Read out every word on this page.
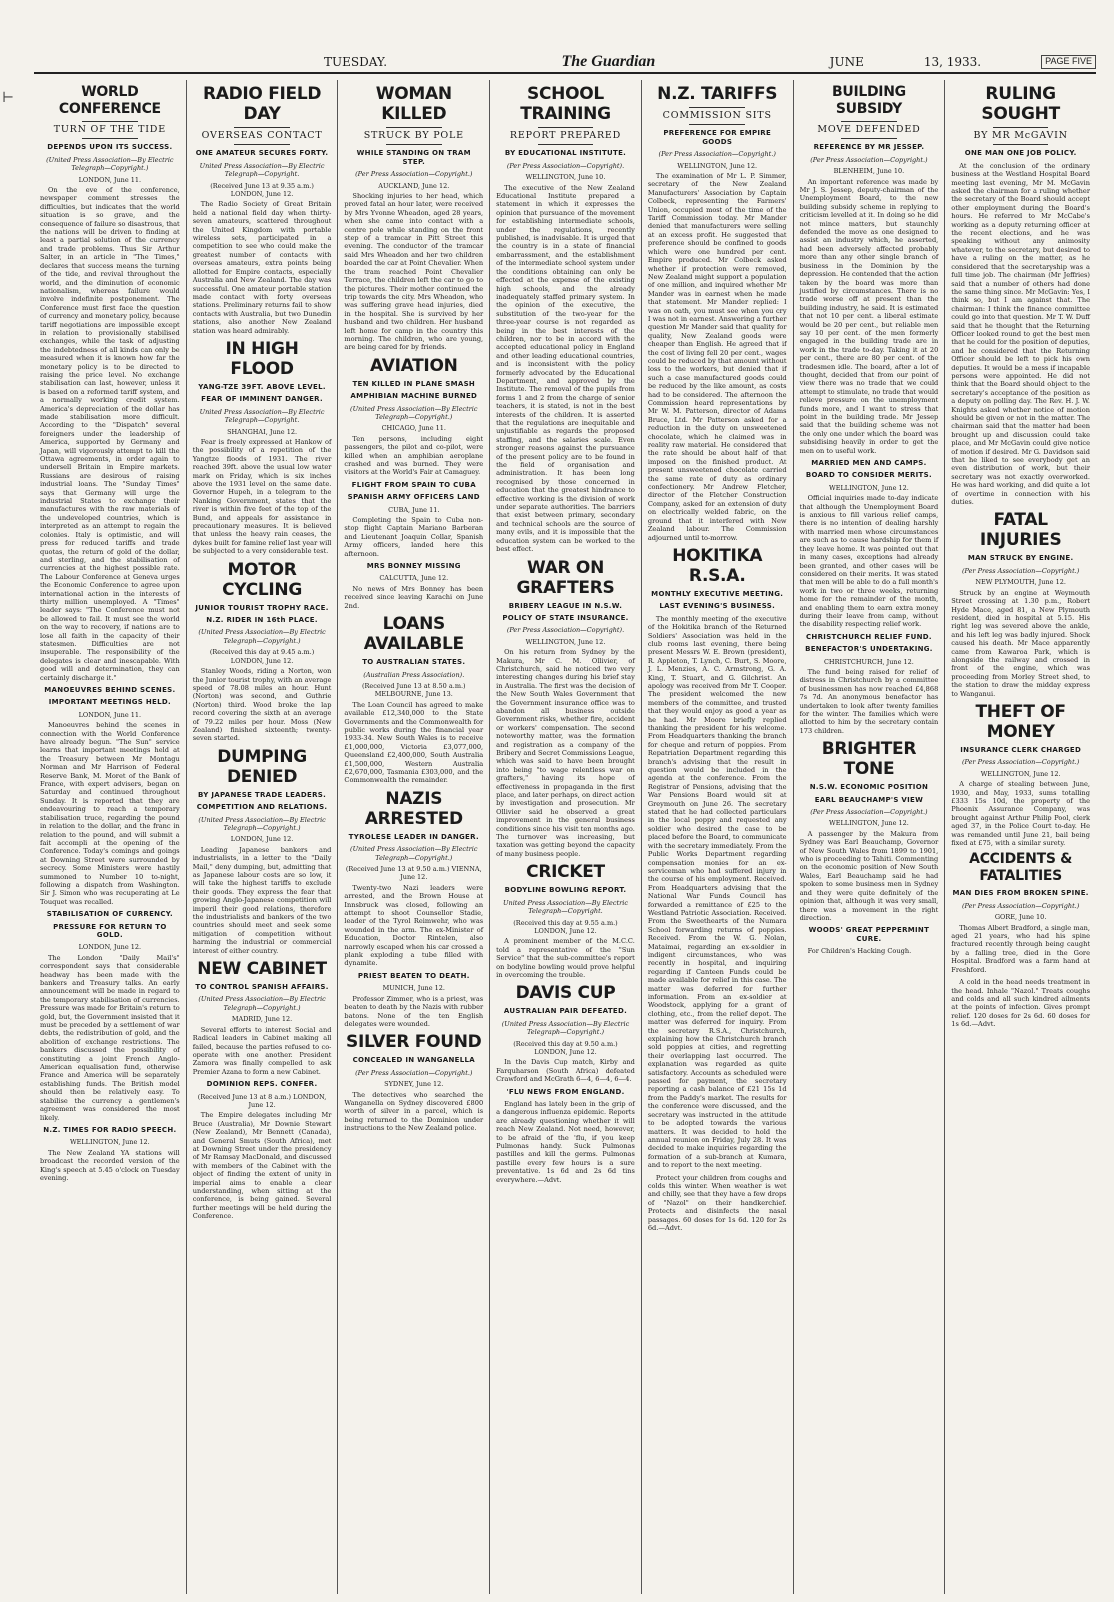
⊢
TUESDAY.	The Guardian	JUNE	13, 1933.	PAGE FIVE
WORLD CONFERENCE
TURN OF THE TIDE
DEPENDS UPON ITS SUCCESS.
(United Press Association—By Electric Telegraph—Copyright.)
LONDON, June 11.
On the eve of the conference, newspaper comment stresses the difficulties, but indicates that the world situation is so grave, and the consequence of failure so disastrous, that the nations will be driven to finding at least a partial solution of the currency and trade problems. Thus Sir Arthur Salter, in an article in "The Times," declares that success means the turning of the tide, and revival throughout the world, and the diminution of economic nationalism, whereas failure would involve indefinite postponement. The Conference must first face the question of currency and monetary policy, because tariff negotiations are impossible except in relation to provisionally stabilised exchanges, while the task of adjusting the indebtedness of all kinds can only be measured when it is known how far the monetary policy is to be directed to raising the price level. No exchange stabilisation can last, however, unless it is based on a reformed tariff system, and a normally working credit system. America's depreciation of the dollar has made stabilisation more difficult. According to the "Dispatch" several foreigners under the leadership of America, supported by Germany and Japan, will vigorously attempt to kill the Ottawa agreements, in order again to undersell Britain in Empire markets. Russians are desirous of raising industrial loans. The "Sunday Times" says that Germany will urge the industrial States to exchange their manufactures with the raw materials of the undeveloped countries, which is interpreted as an attempt to regain the colonies. Italy is optimistic, and will press for reduced tariffs and trade quotas, the return of gold of the dollar, and sterling, and the stabilisation of currencies at the highest possible rate. The Labour Conference at Geneva urges the Economic Conference to agree upon international action in the interests of thirty million unemployed. A "Times" leader says: "The Conference must not be allowed to fail. It must see the world on the way to recovery, if nations are to lose all faith in the capacity of their statesmen. Difficulties are not insuperable. The responsibility of the delegates is clear and inescapable. With good will and determination, they can certainly discharge it."
MANOEUVRES BEHIND SCENES.
IMPORTANT MEETINGS HELD.
LONDON, June 11.
Manoeuvres behind the scenes in connection with the World Conference have already begun. "The Sun" service learns that important meetings held at the Treasury between Mr Montagu Norman and Mr Harrison of Federal Reserve Bank, M. Moret of the Bank of France, with expert advisers, began on Saturday and continued throughout Sunday. It is reported that they are endeavouring to reach a temporary stabilisation truce, regarding the pound in relation to the dollar, and the franc in relation to the pound, and will submit a fait accompli at the opening of the Conference. Today's comings and goings at Downing Street were surrounded by secrecy. Some Ministers were hastily summoned to Number 10 to-night, following a dispatch from Washington. Sir J. Simon who was recuperating at Le Touquet was recalled.
STABILISATION OF CURRENCY.
PRESSURE FOR RETURN TO GOLD.
LONDON, June 12.
The London "Daily Mail's" correspondent says that considerable headway has been made with the bankers and Treasury talks. An early announcement will be made in regard to the temporary stabilisation of currencies. Pressure was made for Britain's return to gold, but, the Government insisted that it must be preceded by a settlement of war debts, the redistribution of gold, and the abolition of exchange restrictions. The bankers discussed the possibility of constituting a joint French Anglo-American equalisation fund, otherwise France and America will be separately establishing funds. The British model should then be relatively easy. To stabilise the currency a gentlemen's agreement was considered the most likely.
N.Z. TIMES FOR RADIO SPEECH.
WELLINGTON, June 12.
The New Zealand YA stations will broadcast the recorded version of the King's speech at 5.45 o'clock on Tuesday evening.
RADIO FIELD DAY
OVERSEAS CONTACT
ONE AMATEUR SECURES FORTY.
United Press Association—By Electric Telegraph—Copyright.
(Received June 13 at 9.35 a.m.) LONDON, June 12.
The Radio Society of Great Britain held a national field day when thirty-seven amateurs, scattered throughout the United Kingdom with portable wireless sets, participated in a competition to see who could make the greatest number of contacts with overseas amateurs, extra points being allotted for Empire contacts, especially Australia and New Zealand. The day was successful. One amateur portable station made contact with forty overseas stations. Preliminary returns fail to show contacts with Australia, but two Dunedin stations, also another New Zealand station was heard admirably.
IN HIGH FLOOD
YANG-TZE 39FT. ABOVE LEVEL.
FEAR OF IMMINENT DANGER.
United Press Association—By Electric Telegraph—Copyright.
SHANGHAI, June 12.
Fear is freely expressed at Hankow of the possibility of a repetition of the Yangtze floods of 1931. The river reached 39ft. above the usual low water mark on Friday, which is six inches above the 1931 level on the same date. Governor Hupeh, in a telegram to the Nanking Government, states that the river is within five feet of the top of the Bund, and appeals for assistance in precautionary measures. It is believed that unless the heavy rain ceases, the dykes built for famine relief last year will be subjected to a very considerable test.
MOTOR CYCLING
JUNIOR TOURIST TROPHY RACE.
N.Z. RIDER IN 16th PLACE.
(United Press Association—By Electric Telegraph—Copyright.)
(Received this day at 9.45 a.m.) LONDON, June 12.
Stanley Woods, riding a Norton, won the Junior tourist trophy, with an average speed of 78.08 miles an hour. Hunt (Norton) was second, and Guthrie (Norton) third. Wood broke the lap record covering the sixth at an average of 79.22 miles per hour. Moss (New Zealand) finished sixteenth; twenty-seven started.
DUMPING DENIED
BY JAPANESE TRADE LEADERS.
COMPETITION AND RELATIONS.
(United Press Association—By Electric Telegraph—Copyright.)
LONDON, June 12.
Leading Japanese bankers and industrialists, in a letter to the "Daily Mail," deny dumping, but, admitting that as Japanese labour costs are so low, it will take the highest tariffs to exclude their goods. They express the fear that growing Anglo-Japanese competition will imperil their good relations, therefore the industrialists and bankers of the two countries should meet and seek some mitigation of competition without harming the industrial or commercial interest of either country.
NEW CABINET
TO CONTROL SPANISH AFFAIRS.
(United Press Association—By Electric Telegraph—Copyright.)
MADRID, June 12.
Several efforts to interest Social and Radical leaders in Cabinet making all failed, because the parties refused to co-operate with one another. President Zamora was finally compelled to ask Premier Azana to form a new Cabinet.
DOMINION REPS. CONFER.
(Received June 13 at 8 a.m.) LONDON, June 12.
The Empire delegates including Mr Bruce (Australia), Mr Downie Stewart (New Zealand), Mr Bennett (Canada), and General Smuts (South Africa), met at Downing Street under the presidency of Mr Ramsay MacDonald, and discussed with members of the Cabinet with the object of finding the extent of unity in imperial aims to enable a clear understanding, when sitting at the conference, is being gained. Several further meetings will be held during the Conference.
WOMAN KILLED
STRUCK BY POLE
WHILE STANDING ON TRAM STEP.
(Per Press Association—Copyright.)
AUCKLAND, June 12.
Shocking injuries to her head, which proved fatal an hour later, were received by Mrs Yvonne Wheadon, aged 28 years, when she came into contact with a centre pole while standing on the front step of a tramcar in Pitt Street this evening. The conductor of the tramcar said Mrs Wheadon and her two children boarded the car at Point Chevalier. When the tram reached Point Chevalier Terrace, the children left the car to go to the pictures. Their mother continued the trip towards the city. Mrs Wheadon, who was suffering grave head injuries, died in the hospital. She is survived by her husband and two children. Her husband left home for camp in the country this morning. The children, who are young, are being cared for by friends.
AVIATION
TEN KILLED IN PLANE SMASH
AMPHIBIAN MACHINE BURNED
(United Press Association—By Electric Telegraph—Copyright.)
CHICAGO, June 11.
Ten persons, including eight passengers, the pilot and co-pilot, were killed when an amphibian aeroplane crashed and was burned. They were visitors at the World's Fair at Camaguey.
FLIGHT FROM SPAIN TO CUBA
SPANISH ARMY OFFICERS LAND
CUBA, June 11.
Completing the Spain to Cuba non-stop flight Captain Mariano Barberan and Lieutenant Joaquin Collar, Spanish Army officers, landed here this afternoon.
MRS BONNEY MISSING
CALCUTTA, June 12.
No news of Mrs Bonney has been received since leaving Karachi on June 2nd.
LOANS AVAILABLE
TO AUSTRALIAN STATES.
(Australian Press Association).
(Received June 13 at 8.50 a.m.) MELBOURNE, June 13.
The Loan Council has agreed to make available £12,340,000 to the State Governments and the Commonwealth for public works during the financial year 1933-34. New South Wales is to receive £1,000,000, Victoria £3,077,000, Queensland £2,400,000, South Australia £1,500,000, Western Australia £2,670,000, Tasmania £303,000, and the Commonwealth the remainder.
NAZIS ARRESTED
TYROLESE LEADER IN DANGER.
(United Press Association—By Electric Telegraph—Copyright.)
(Received June 13 at 9.50 a.m.) VIENNA, June 12.
Twenty-two Nazi leaders were arrested, and the Brown House at Innsbruck was closed, following an attempt to shoot Counsellor Stadie, leader of the Tyrol Reimwehr, who was wounded in the arm. The ex-Minister of Education, Doctor Rintelen, also narrowly escaped when his car crossed a plank exploding a tube filled with dynamite.
PRIEST BEATEN TO DEATH.
MUNICH, June 12.
Professor Zimmer, who is a priest, was beaten to death by the Nazis with rubber batons. None of the ten English delegates were wounded.
SILVER FOUND
CONCEALED IN WANGANELLA
(Per Press Association—Copyright.)
SYDNEY, June 12.
The detectives who searched the Wanganella on Sydney discovered £800 worth of silver in a parcel, which is being returned to the Dominion under instructions to the New Zealand police.
SCHOOL TRAINING
REPORT PREPARED
BY EDUCATIONAL INSTITUTE.
(Per Press Association—Copyright).
WELLINGTON, June 10.
The executive of the New Zealand Educational Institute prepared a statement in which it expresses the opinion that pursuance of the movement for establishing intermediate schools, under the regulations, recently published, is inadvisable. It is urged that the country is in a state of financial embarrassment, and the establishment of the intermediate school system under the conditions obtaining can only be effected at the expense of the existing high schools, and the already inadequately staffed primary system. In the opinion of the executive, the substitution of the two-year for the three-year course is not regarded as being in the best interests of the children, nor to be in accord with the accepted educational policy in England and other leading educational countries, and is inconsistent with the policy formerly advocated by the Educational Department, and approved by the Institute. The removal of the pupils from forms 1 and 2 from the charge of senior teachers, it is stated, is not in the best interests of the children. It is asserted that the regulations are inequitable and unjustifiable as regards the proposed staffing, and the salaries scale. Even stronger reasons against the pursuance of the present policy are to be found in the field of organisation and administration. It has been long recognised by those concerned in education that the greatest hindrance to effective working is the division of work under separate authorities. The barriers that exist between primary, secondary and technical schools are the source of many evils, and it is impossible that the education system can be worked to the best effect.
WAR ON GRAFTERS
BRIBERY LEAGUE IN N.S.W.
POLICY OF STATE INSURANCE.
(Per Press Association—Copyright).
WELLINGTON, June 12.
On his return from Sydney by the Makura, Mr C. M. Ollivier, of Christchurch, said he noticed two very interesting changes during his brief stay in Australia. The first was the decision of the New South Wales Government that the Government insurance office was to abandon all business outside Government risks, whether fire, accident or workers' compensation. The second noteworthy matter, was the formation and registration as a company of the Bribery and Secret Commissions League, which was said to have been brought into being "to wage relentless war on grafters," having its hope of effectiveness in propaganda in the first place, and later perhaps, on direct action by investigation and prosecution. Mr Ollivier said he observed a great improvement in the general business conditions since his visit ten months ago. The turnover was increasing, but taxation was getting beyond the capacity of many business people.
CRICKET
BODYLINE BOWLING REPORT.
United Press Association—By Electric Telegraph—Copyright.
(Received this day at 9.55 a.m.) LONDON, June 12.
A prominent member of the M.C.C. told a representative of the "Sun Service" that the sub-committee's report on bodyline bowling would prove helpful in overcoming the trouble.
DAVIS CUP
AUSTRALIAN PAIR DEFEATED.
(United Press Association—By Electric Telegraph—Copyright.)
(Received this day at 9.50 a.m.) LONDON, June 12.
In the Davis Cup match, Kirby and Farquharson (South Africa) defeated Crawford and McGrath 6—4, 6—4, 6—4.
'FLU NEWS FROM ENGLAND.
England has lately been in the grip of a dangerous influenza epidemic. Reports are already questioning whether it will reach New Zealand. Not need, however, to be afraid of the 'flu, if you keep Pulmonas handy. Suck Pulmonas pastilles and kill the germs. Pulmonas pastille every few hours is a sure preventative. 1s 6d and 2s 6d tins everywhere.—Advt.
N.Z. TARIFFS
COMMISSION SITS
PREFERENCE FOR EMPIRE GOODS
(Per Press Association—Copyright.)
WELLINGTON, June 12.
The examination of Mr L. P. Simmer, secretary of the New Zealand Manufacturers' Association by Captain Colbeck, representing the Farmers' Union, occupied most of the time of the Tariff Commission today. Mr Mander denied that manufacturers were selling at an excess profit. He suggested that preference should be confined to goods which were one hundred per cent. Empire produced. Mr Colbeck asked whether if protection were removed, New Zealand might support a population of one million, and inquired whether Mr Mander was in earnest when he made that statement. Mr Mander replied: I was on oath, you must see when you cry I was not in earnest. Answering a further question Mr Mander said that quality for quality, New Zealand goods were cheaper than English. He agreed that if the cost of living fell 20 per cent., wages could be reduced by that amount without loss to the workers, but denied that if such a case manufactured goods could be reduced by the like amount, as costs had to be considered. The afternoon the Commission heard representations by Mr W. M. Patterson, director of Adams Bruce, Ltd. Mr Patterson asked for a reduction in the duty on unsweetened chocolate, which he claimed was in reality raw material. He considered that the rate should be about half of that imposed on the finished product. At present unsweetened chocolate carried the same rate of duty as ordinary confectionery. Mr Andrew Fletcher, director of the Fletcher Construction Company, asked for an extension of duty on electrically welded fabric, on the ground that it interfered with New Zealand labour. The Commission adjourned until to-morrow.
HOKITIKA R.S.A.
MONTHLY EXECUTIVE MEETING.
LAST EVENING'S BUSINESS.
The monthly meeting of the executive of the Hokitika branch of the Returned Soldiers' Association was held in the club rooms last evening, there being present Messrs W. E. Brown (president), R. Appleton, T. Lynch, C. Burt, S. Moore, J. L. Menzies, A. C. Armstrong, G. A. King, T. Stuart, and G. Gilchrist. An apology was received from Mr T. Cooper. The president welcomed the new members of the committee, and trusted that they would enjoy as good a year as he had. Mr Moore briefly replied thanking the president for his welcome. From Headquarters thanking the branch for cheque and return of poppies. From Repatriation Department regarding this branch's advising that the result in question would be included in the agenda at the conference. From the Registrar of Pensions, advising that the War Pensions Board would sit at Greymouth on June 26. The secretary stated that he had collected particulars in the local poppy and requested any soldier who desired the case to be placed before the Board, to communicate with the secretary immediately. From the Public Works Department regarding compensation monies for an ex-serviceman who had suffered injury in the course of his employment. Received. From Headquarters advising that the National War Funds Council has forwarded a remittance of £25 to the Westland Patriotic Association. Received. From the Sweethearts of the Numara School forwarding returns of poppies. Received. From the W. G. Nolan, Mataimai, regarding an ex-soldier in indigent circumstances, who was recently in hospital, and inquiring regarding if Canteen Funds could be made available for relief in this case. The matter was deferred for further information. From an ex-soldier at Woodstock, applying for a grant of clothing, etc., from the relief depot. The matter was deferred for inquiry. From the secretary R.S.A., Christchurch, explaining how the Christchurch branch sold poppies at cities, and regretting their overlapping last occurred. The explanation was regarded as quite satisfactory. Accounts as scheduled were passed for payment, the secretary reporting a cash balance of £21 15s 1d from the Paddy's market. The results for the conference were discussed, and the secretary was instructed in the attitude to be adopted towards the various matters. It was decided to hold the annual reunion on Friday, July 28. It was decided to make inquiries regarding the formation of a sub-branch at Kumara, and to report to the next meeting.
Protect your children from coughs and colds this winter. When weather is wet and chilly, see that they have a few drops of "Nazol" on their handkerchief. Protects and disinfects the nasal passages. 60 doses for 1s 6d. 120 for 2s 6d.—Advt.
BUILDING SUBSIDY
MOVE DEFENDED
REFERENCE BY MR JESSEP.
(Per Press Association—Copyright.)
BLENHEIM, June 10.
An important reference was made by Mr J. S. Jessep, deputy-chairman of the Unemployment Board, to the new building subsidy scheme in replying to criticism levelled at it. In doing so he did not mince matters, but staunchly defended the move as one designed to assist an industry which, he asserted, had been adversely affected probably more than any other single branch of business in the Dominion by the depression. He contended that the action taken by the board was more than justified by circumstances. There is no trade worse off at present than the building industry, he said. It is estimated that not 10 per cent. a liberal estimate would be 20 per cent., but reliable men say 10 per cent. of the men formerly engaged in the building trade are in work in the trade to-day. Taking it at 20 per cent., there are 80 per cent. of the tradesmen idle. The board, after a lot of thought, decided that from our point of view there was no trade that we could attempt to stimulate, no trade that would relieve pressure on the unemployment funds more, and I want to stress that point in the building trade. Mr Jessep said that the building scheme was not the only one under which the board was subsidising heavily in order to get the men on to useful work.
MARRIED MEN AND CAMPS.
BOARD TO CONSIDER MERITS.
WELLINGTON, June 12.
Official inquiries made to-day indicate that although the Unemployment Board is anxious to fill various relief camps, there is no intention of dealing harshly with married men whose circumstances are such as to cause hardship for them if they leave home. It was pointed out that in many cases, exceptions had already been granted, and other cases will be considered on their merits. It was stated that men will be able to do a full month's work in two or three weeks, returning home for the remainder of the month, and enabling them to earn extra money during their leave from camp, without the disability respecting relief work.
CHRISTCHURCH RELIEF FUND.
BENEFACTOR'S UNDERTAKING.
CHRISTCHURCH, June 12.
The fund being raised for relief of distress in Christchurch by a committee of businessmen has now reached £4,868 7s 7d. An anonymous benefactor has undertaken to look after twenty families for the winter. The families which were allotted to him by the secretary contain 173 children.
BRIGHTER TONE
N.S.W. ECONOMIC POSITION
EARL BEAUCHAMP'S VIEW
(Per Press Association—Copyright.)
WELLINGTON, June 12.
A passenger by the Makura from Sydney was Earl Beauchamp, Governor of New South Wales from 1899 to 1901, who is proceeding to Tahiti. Commenting on the economic position of New South Wales, Earl Beauchamp said he had spoken to some business men in Sydney and they were quite definitely of the opinion that, although it was very small, there was a movement in the right direction.
WOODS' GREAT PEPPERMINT CURE.
For Children's Hacking Cough.
RULING SOUGHT
BY MR McGAVIN
ONE MAN ONE JOB POLICY.
At the conclusion of the ordinary business at the Westland Hospital Board meeting last evening, Mr M. McGavin asked the chairman for a ruling whether the secretary of the Board should accept other employment during the Board's hours. He referred to Mr McCabe's working as a deputy returning officer at the recent elections, and he was speaking without any animosity whatever, to the secretary, but desired to have a ruling on the matter, as he considered that the secretaryship was a full time job. The chairman (Mr Jeffries) said that a number of others had done the same thing since. Mr McGavin: Yes, I think so, but I am against that. The chairman: I think the finance committee could go into that question. Mr T. W. Duff said that he thought that the Returning Officer looked round to get the best men that he could for the position of deputies, and he considered that the Returning Officer should be left to pick his own deputies. It would be a mess if incapable persons were appointed. He did not think that the Board should object to the secretary's acceptance of the position as a deputy on polling day. The Rev. H. J. W. Knights asked whether notice of motion should be given or not in the matter. The chairman said that the matter had been brought up and discussion could take place, and Mr McGavin could give notice of motion if desired. Mr G. Davidson said that he liked to see everybody get an even distribution of work, but their secretary was not exactly overworked. He was hard working, and did quite a lot of overtime in connection with his duties.
FATAL INJURIES
MAN STRUCK BY ENGINE.
(Per Press Association—Copyright.)
NEW PLYMOUTH, June 12.
Struck by an engine at Weymouth Street crossing at 1.30 p.m., Robert Hyde Mace, aged 81, a New Plymouth resident, died in hospital at 5.15. His right leg was severed above the ankle, and his left leg was badly injured. Shock caused his death. Mr Mace apparently came from Kawaroa Park, which is alongside the railway and crossed in front of the engine, which was proceeding from Morley Street shed, to the station to draw the midday express to Wanganui.
THEFT OF MONEY
INSURANCE CLERK CHARGED
(Per Press Association—Copyright.)
WELLINGTON, June 12.
A charge of stealing between June, 1930, and May, 1933, sums totalling £333 15s 10d, the property of the Phoenix Assurance Company, was brought against Arthur Philip Pool, clerk aged 37, in the Police Court to-day. He was remanded until June 21, bail being fixed at £75, with a similar surety.
ACCIDENTS & FATALITIES
MAN DIES FROM BROKEN SPINE.
(Per Press Association—Copyright.)
GORE, June 10.
Thomas Albert Bradford, a single man, aged 21 years, who had his spine fractured recently through being caught by a falling tree, died in the Gore Hospital. Bradford was a farm hand at Freshford.
A cold in the head needs treatment in the head. Inhale "Nazol." Treats coughs and colds and all such kindred ailments at the points of infection. Gives prompt relief. 120 doses for 2s 6d. 60 doses for 1s 6d.—Advt.
